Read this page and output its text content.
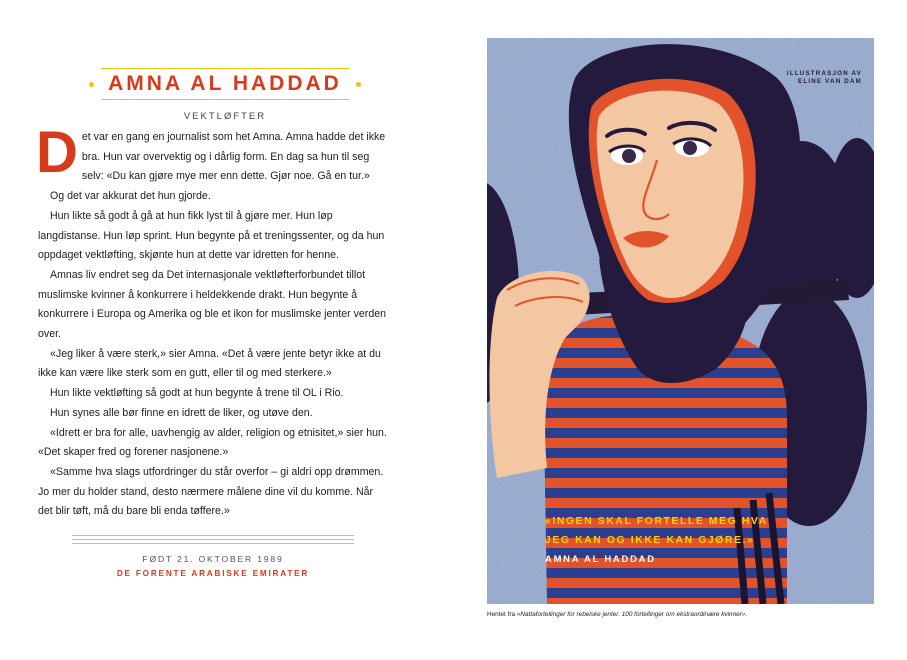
AMNA AL HADDAD
VEKTLØFTER
D et var en gang en journalist som het Amna. Amna hadde det ikke bra. Hun var overvektig og i dårlig form. En dag sa hun til seg selv: «Du kan gjøre mye mer enn dette. Gjør noe. Gå en tur.»

Og det var akkurat det hun gjorde.

Hun likte så godt å gå at hun fikk lyst til å gjøre mer. Hun løp langdistanse. Hun løp sprint. Hun begynte på et treningssenter, og da hun oppdaget vektløfting, skjønte hun at dette var idretten for henne.

Amnas liv endret seg da Det internasjonale vektløfterforbundet tillot muslimske kvinner å konkurrere i heldekkende drakt. Hun begynte å konkurrere i Europa og Amerika og ble et ikon for muslimske jenter verden over.

«Jeg liker å være sterk,» sier Amna. «Det å være jente betyr ikke at du ikke kan være like sterk som en gutt, eller til og med sterkere.»

Hun likte vektløfting så godt at hun begynte å trene til OL i Rio.

Hun synes alle bør finne en idrett de liker, og utøve den.

«Idrett er bra for alle, uavhengig av alder, religion og etnisitet,» sier hun. «Det skaper fred og forener nasjonene.»

«Samme hva slags utfordringer du står overfor – gi aldri opp drømmen. Jo mer du holder stand, desto nærmere målene dine vil du komme. Når det blir tøft, må du bare bli enda tøffere.»

FØDT 21. OKTOBER 1989
DE FORENTE ARABISKE EMIRATER
ILLUSTRASJON AV
ELINE VAN DAM
«INGEN SKAL FORTELLE MEG HVA
JEG KAN OG IKKE KAN GJØRE.»
AMNA AL HADDAD
Hentet fra «Nattafortellinger for rebelske jenter. 100 fortellinger om ekstraordinære kvinner».
